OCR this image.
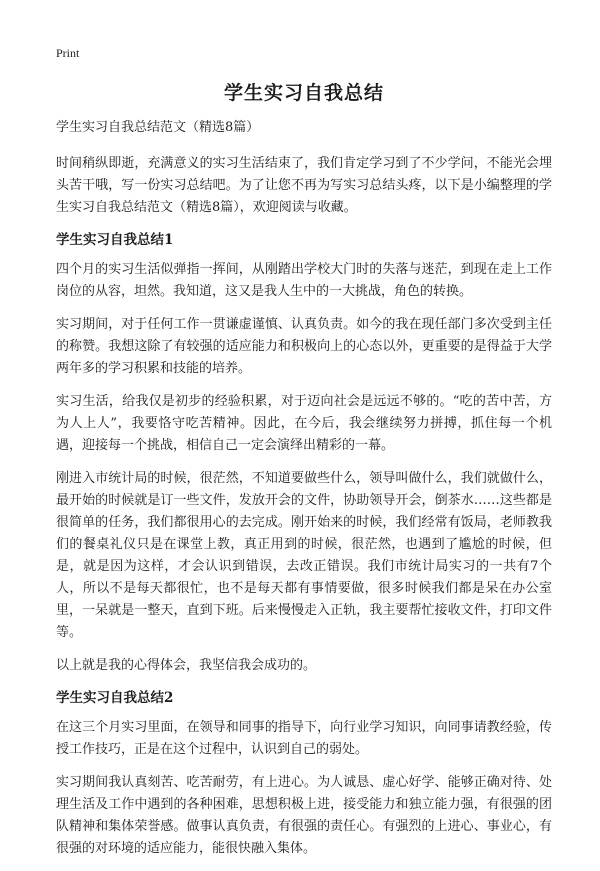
Print
学生实习自我总结
学生实习自我总结范文（精选8篇）

时间稍纵即逝，充满意义的实习生活结束了，我们肯定学习到了不少学问，不能光会埋头苦干哦，写一份实习总结吧。为了让您不再为写实习总结头疼，以下是小编整理的学生实习自我总结范文（精选8篇），欢迎阅读与收藏。

学生实习自我总结1

四个月的实习生活似弹指一挥间，从刚踏出学校大门时的失落与迷茫，到现在走上工作岗位的从容，坦然。我知道，这又是我人生中的一大挑战，角色的转换。

实习期间，对于任何工作一贯谦虚谨慎、认真负责。如今的我在现任部门多次受到主任的称赞。我想这除了有较强的适应能力和积极向上的心态以外，更重要的是得益于大学两年多的学习积累和技能的培养。

实习生活，给我仅是初步的经验积累，对于迈向社会是远远不够的。“吃的苦中苦，方为人上人”，我要恪守吃苦精神。因此，在今后，我会继续努力拼搏，抓住每一个机遇，迎接每一个挑战，相信自己一定会演绎出精彩的一幕。

刚进入市统计局的时候，很茫然，不知道要做些什么，领导叫做什么，我们就做什么，最开始的时候就是订一些文件，发放开会的文件，协助领导开会，倒茶水……这些都是很简单的任务，我们都很用心的去完成。刚开始来的时候，我们经常有饭局，老师教我们的餐桌礼仪只是在课堂上教，真正用到的时候，很茫然，也遇到了尴尬的时候，但是，就是因为这样，才会认识到错误，去改正错误。我们市统计局实习的一共有7个人，所以不是每天都很忙，也不是每天都有事情要做，很多时候我们都是呆在办公室里，一呆就是一整天，直到下班。后来慢慢走入正轨，我主要帮忙接收文件，打印文件等。

以上就是我的心得体会，我坚信我会成功的。

学生实习自我总结2

在这三个月实习里面，在领导和同事的指导下，向行业学习知识，向同事请教经验，传授工作技巧，正是在这个过程中，认识到自己的弱处。

实习期间我认真刻苦、吃苦耐劳，有上进心。为人诚恳、虚心好学、能够正确对待、处理生活及工作中遇到的各种困难，思想积极上进，接受能力和独立能力强，有很强的团队精神和集体荣誉感。做事认真负责，有很强的责任心。有强烈的上进心、事业心，有很强的对环境的适应能力，能很快融入集体。
